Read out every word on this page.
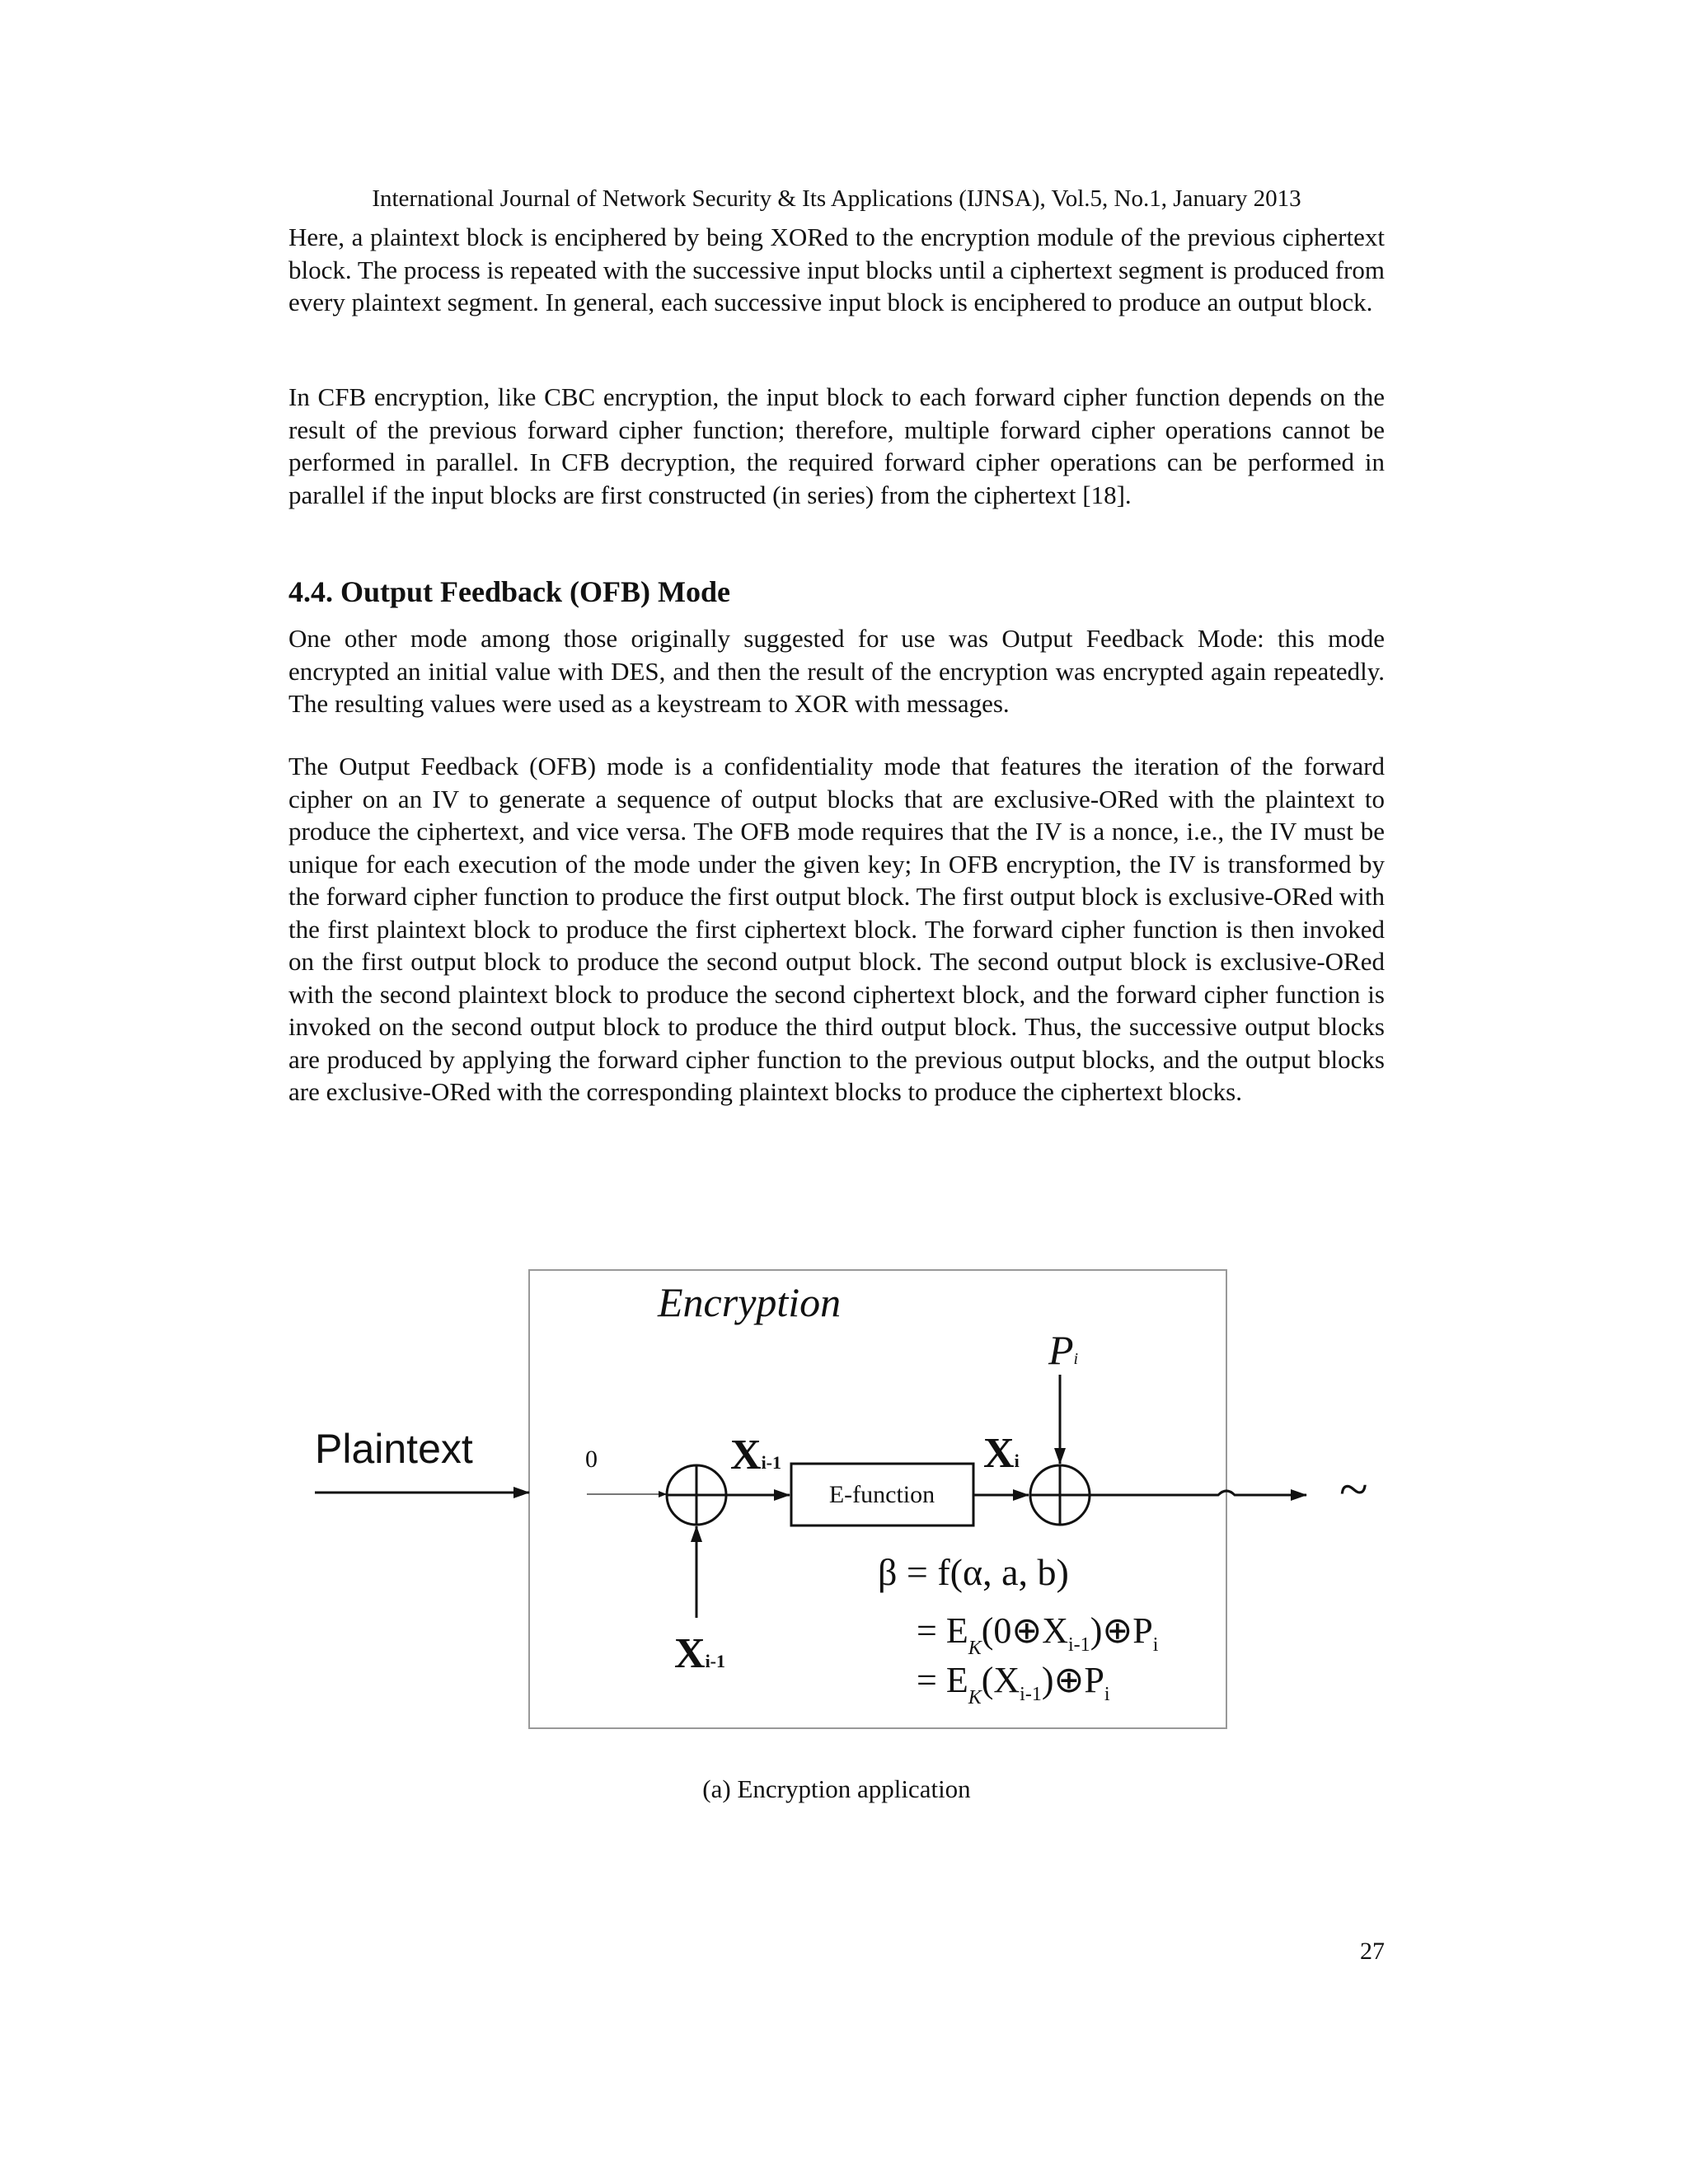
International Journal of Network Security & Its Applications (IJNSA), Vol.5, No.1, January 2013

Here, a plaintext block is enciphered by being XORed to the encryption module of the previous ciphertext block. The process is repeated with the successive input blocks until a ciphertext segment is produced from every plaintext segment. In general, each successive input block is enciphered to produce an output block.

In CFB encryption, like CBC encryption, the input block to each forward cipher function depends on the result of the previous forward cipher function; therefore, multiple forward cipher operations cannot be performed in parallel. In CFB decryption, the required forward cipher operations can be performed in parallel if the input blocks are first constructed (in series) from the ciphertext [18].

4.4. Output Feedback (OFB) Mode

One other mode among those originally suggested for use was Output Feedback Mode: this mode encrypted an initial value with DES, and then the result of the encryption was encrypted again repeatedly. The resulting values were used as a keystream to XOR with messages.

The Output Feedback (OFB) mode is a confidentiality mode that features the iteration of the forward cipher on an IV to generate a sequence of output blocks that are exclusive-ORed with the plaintext to produce the ciphertext, and vice versa. The OFB mode requires that the IV is a nonce, i.e., the IV must be unique for each execution of the mode under the given key; In OFB encryption, the IV is transformed by the forward cipher function to produce the first output block. The first output block is exclusive-ORed with the first plaintext block to produce the first ciphertext block. The forward cipher function is then invoked on the first output block to produce the second output block. The second output block is exclusive-ORed with the second plaintext block to produce the second ciphertext block, and the forward cipher function is invoked on the second output block to produce the third output block. Thus, the successive output blocks are produced by applying the forward cipher function to the previous output blocks, and the output blocks are exclusive-ORed with the corresponding plaintext blocks to produce the ciphertext blocks.

Encryption
Plaintext	0
Xi-1
Xi-1
E-function
Xi
Pi
~
β = f(α, a, b)
= $E_K(0\oplus X_{i-1})\oplus P_i$
= $E_K(X_{i-1})\oplus P_i$
(a) Encryption application
27
